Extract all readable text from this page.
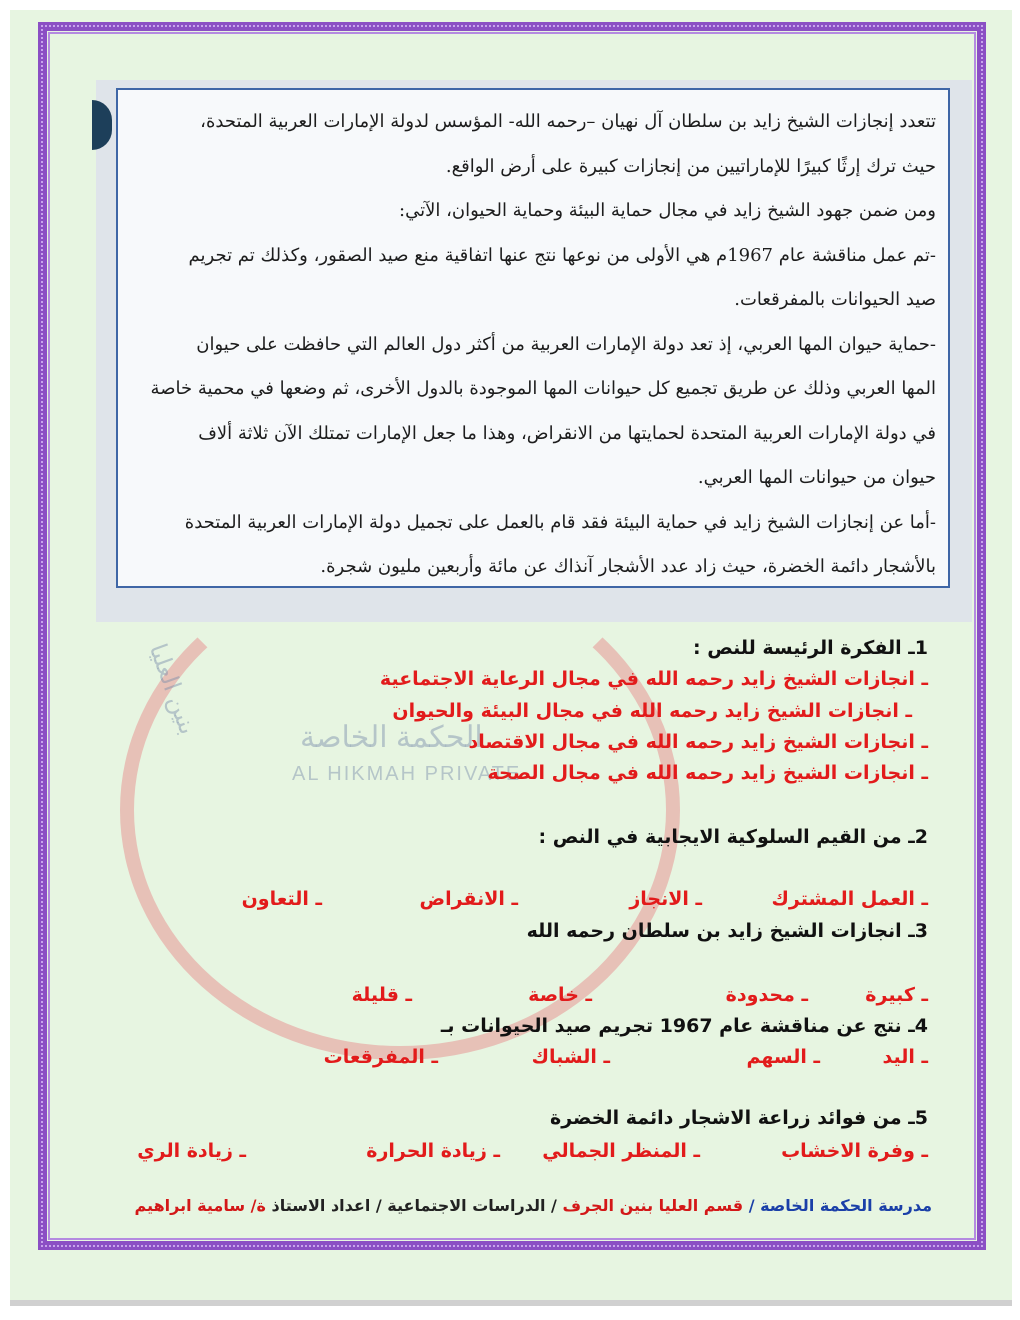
الحكمة الخاصة
AL HIKMAH PRIVATE
بنين العليا

تتعدد إنجازات الشيخ زايد بن سلطان آل نهيان –رحمه الله- المؤسس لدولة الإمارات العربية المتحدة،

حيث ترك إرثًا كبيرًا للإماراتيين من إنجازات كبيرة على أرض الواقع.

ومن ضمن جهود الشيخ زايد في مجال حماية البيئة وحماية الحيوان، الآتي:

-تم عمل مناقشة عام 1967م هي الأولى من نوعها نتج عنها اتفاقية منع صيد الصقور، وكذلك تم تجريم

صيد الحيوانات بالمفرقعات.

-حماية حيوان المها العربي، إذ تعد دولة الإمارات العربية من أكثر دول العالم التي حافظت على حيوان

المها العربي وذلك عن طريق تجميع كل حيوانات المها الموجودة بالدول الأخرى، ثم وضعها في محمية خاصة

في دولة الإمارات العربية المتحدة لحمايتها من الانقراض، وهذا ما جعل الإمارات تمتلك الآن ثلاثة ألاف

حيوان من حيوانات المها العربي.

-أما عن إنجازات الشيخ زايد في حماية البيئة فقد قام بالعمل على تجميل دولة الإمارات العربية المتحدة

بالأشجار دائمة الخضرة، حيث زاد عدد الأشجار آنذاك عن مائة وأربعين مليون شجرة.

1ـ الفكرة الرئيسة للنص :
ـ انجازات الشيخ زايد رحمه الله في مجال الرعاية الاجتماعية
ـ انجازات الشيخ زايد رحمه الله في مجال البيئة والحيوان
ـ انجازات الشيخ زايد رحمه الله في مجال الاقتصاد
ـ انجازات الشيخ زايد رحمه الله في مجال الصحة
2ـ من القيم السلوكية الايجابية في النص :
ـ العمل المشترك
ـ الانجاز
ـ الانقراض
ـ التعاون
3ـ انجازات الشيخ زايد بن سلطان رحمه الله
ـ كبيرة
ـ محدودة
ـ خاصة
ـ قليلة
4ـ نتج عن مناقشة عام 1967 تجريم صيد الحيوانات بـ
ـ اليد
ـ السهم
ـ الشباك
ـ المفرقعات
5ـ من فوائد زراعة الاشجار دائمة الخضرة
ـ وفرة الاخشاب
ـ المنظر الجمالي
ـ زيادة الحرارة
ـ زيادة الري
مدرسة الحكمة الخاصة / قسم العليا بنين الجرف / الدراسات الاجتماعية / اعداد الاستاذ ة/ سامية ابراهيم
